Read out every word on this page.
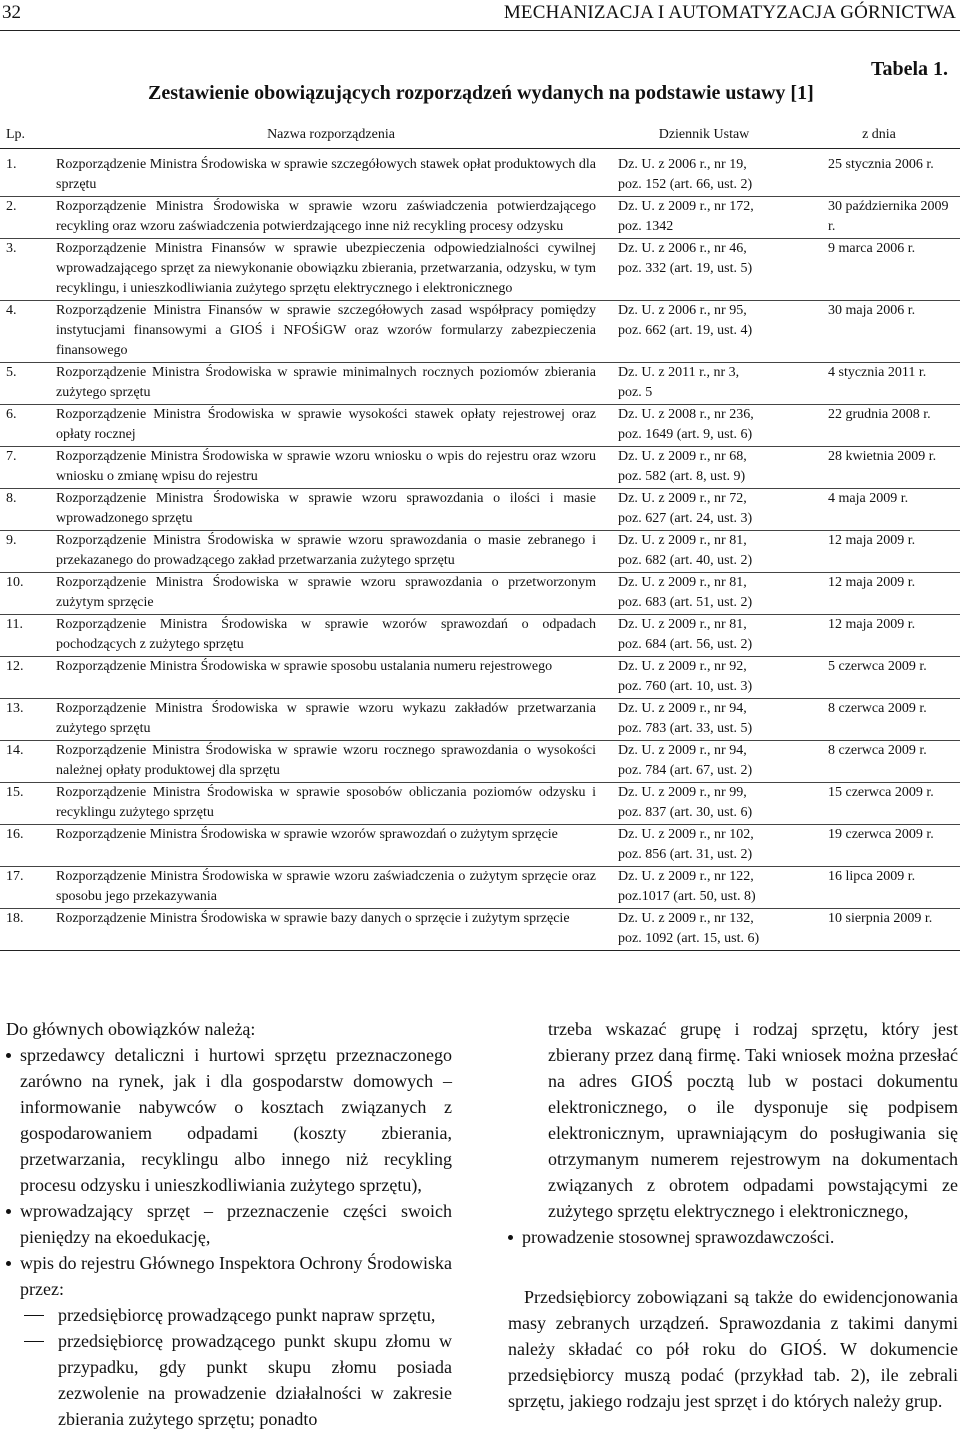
32	MECHANIZACJA I AUTOMATYZACJA GÓRNICTWA
Tabela 1.
Zestawienie obowiązujących rozporządzeń wydanych na podstawie ustawy [1]
Lp.	Nazwa rozporządzenia	Dziennik Ustaw	z dnia
1.	Rozporządzenie Ministra Środowiska w sprawie szczegółowych stawek opłat produktowych dla sprzętu	Dz. U. z 2006 r., nr 19,
poz. 152 (art. 66, ust. 2)	25 stycznia 2006 r.
2.	Rozporządzenie Ministra Środowiska w sprawie wzoru zaświadczenia potwierdzającego recykling oraz wzoru zaświadczenia potwierdzającego inne niż recykling procesy odzysku	Dz. U. z 2009 r., nr 172,
poz. 1342	30 października 2009 r.
3.	Rozporządzenie Ministra Finansów w sprawie ubezpieczenia odpowiedzialności cywilnej wprowadzającego sprzęt za niewykonanie obowiązku zbierania, przetwarzania, odzysku, w tym recyklingu, i unieszkodliwiania zużytego sprzętu elektrycznego i elektronicznego	Dz. U. z 2006 r., nr 46,
poz. 332 (art. 19, ust. 5)	9 marca 2006 r.
4.	Rozporządzenie Ministra Finansów w sprawie szczegółowych zasad współpracy pomiędzy instytucjami finansowymi a GIOŚ i NFOŚiGW oraz wzorów formularzy zabezpieczenia finansowego	Dz. U. z 2006 r., nr 95,
poz. 662 (art. 19, ust. 4)	30 maja 2006 r.
5.	Rozporządzenie Ministra Środowiska w sprawie minimalnych rocznych poziomów zbierania zużytego sprzętu	Dz. U. z 2011 r., nr 3,
poz. 5	4 stycznia 2011 r.
6.	Rozporządzenie Ministra Środowiska w sprawie wysokości stawek opłaty rejestrowej oraz opłaty rocznej	Dz. U. z 2008 r., nr 236,
poz. 1649 (art. 9, ust. 6)	22 grudnia 2008 r.
7.	Rozporządzenie Ministra Środowiska w sprawie wzoru wniosku o wpis do rejestru oraz wzoru wniosku o zmianę wpisu do rejestru	Dz. U. z 2009 r., nr 68,
poz. 582 (art. 8, ust. 9)	28 kwietnia 2009 r.
8.	Rozporządzenie Ministra Środowiska w sprawie wzoru sprawozdania o ilości i masie wprowadzonego sprzętu	Dz. U. z 2009 r., nr 72,
poz. 627 (art. 24, ust. 3)	4 maja 2009 r.
9.	Rozporządzenie Ministra Środowiska w sprawie wzoru sprawozdania o masie zebranego i przekazanego do prowadzącego zakład przetwarzania zużytego sprzętu	Dz. U. z 2009 r., nr 81,
poz. 682 (art. 40, ust. 2)	12 maja 2009 r.
10.	Rozporządzenie Ministra Środowiska w sprawie wzoru sprawozdania o przetworzonym zużytym sprzęcie	Dz. U. z 2009 r., nr 81,
poz. 683 (art. 51, ust. 2)	12 maja 2009 r.
11.	Rozporządzenie Ministra Środowiska w sprawie wzorów sprawozdań o odpadach pochodzących z zużytego sprzętu	Dz. U. z 2009 r., nr 81,
poz. 684 (art. 56, ust. 2)	12 maja 2009 r.
12.	Rozporządzenie Ministra Środowiska w sprawie sposobu ustalania numeru rejestrowego	Dz. U. z 2009 r., nr 92,
poz. 760 (art. 10, ust. 3)	5 czerwca 2009 r.
13.	Rozporządzenie Ministra Środowiska w sprawie wzoru wykazu zakładów przetwarzania zużytego sprzętu	Dz. U. z 2009 r., nr 94,
poz. 783 (art. 33, ust. 5)	8 czerwca 2009 r.
14.	Rozporządzenie Ministra Środowiska w sprawie wzoru rocznego sprawozdania o wysokości należnej opłaty produktowej dla sprzętu	Dz. U. z 2009 r., nr 94,
poz. 784 (art. 67, ust. 2)	8 czerwca 2009 r.
15.	Rozporządzenie Ministra Środowiska w sprawie sposobów obliczania poziomów odzysku i recyklingu zużytego sprzętu	Dz. U. z 2009 r., nr 99,
poz. 837 (art. 30, ust. 6)	15 czerwca 2009 r.
16.	Rozporządzenie Ministra Środowiska w sprawie wzorów sprawozdań o zużytym sprzęcie	Dz. U. z 2009 r., nr 102,
poz. 856 (art. 31, ust. 2)	19 czerwca 2009 r.
17.	Rozporządzenie Ministra Środowiska w sprawie wzoru zaświadczenia o zużytym sprzęcie oraz sposobu jego przekazywania	Dz. U. z 2009 r., nr 122,
poz.1017 (art. 50, ust. 8)	16 lipca 2009 r.
18.	Rozporządzenie Ministra Środowiska w sprawie bazy danych o sprzęcie i zużytym sprzęcie	Dz. U. z 2009 r., nr 132,
poz. 1092 (art. 15, ust. 6)	10 sierpnia 2009 r.

Do głównych obowiązków należą:

sprzedawcy detaliczni i hurtowi sprzętu przeznaczonego zarówno na rynek, jak i dla gospodarstw domowych – informowanie nabywców o kosztach związanych z gospodarowaniem odpadami (koszty zbierania, przetwarzania, recyklingu albo innego niż recykling procesu odzysku i unieszkodliwiania zużytego sprzętu),
wprowadzający sprzęt – przeznaczenie części swoich pieniędzy na ekoedukację,
wpis do rejestru Głównego Inspektora Ochrony Środowiska przez:
przedsiębiorcę prowadzącego punkt napraw sprzętu,
przedsiębiorcę prowadzącego punkt skupu złomu w przypadku, gdy punkt skupu złomu posiada zezwolenie na prowadzenie działalności w zakresie zbierania zużytego sprzętu; ponadto

trzeba wskazać grupę i rodzaj sprzętu, który jest zbierany przez daną firmę. Taki wniosek można przesłać na adres GIOŚ pocztą lub w postaci dokumentu elektronicznego, o ile dysponuje się podpisem elektronicznym, uprawniającym do posługiwania się otrzymanym numerem rejestrowym na dokumentach związanych z obrotem odpadami powstającymi ze zużytego sprzętu elektrycznego i elektronicznego,

prowadzenie stosownej sprawozdawczości.

Przedsiębiorcy zobowiązani są także do ewidencjonowania masy zebranych urządzeń. Sprawozdania z takimi danymi należy składać co pół roku do GIOŚ. W dokumencie przedsiębiorcy muszą podać (przykład tab. 2), ile zebrali sprzętu, jakiego rodzaju jest sprzęt i do których należy grup.
